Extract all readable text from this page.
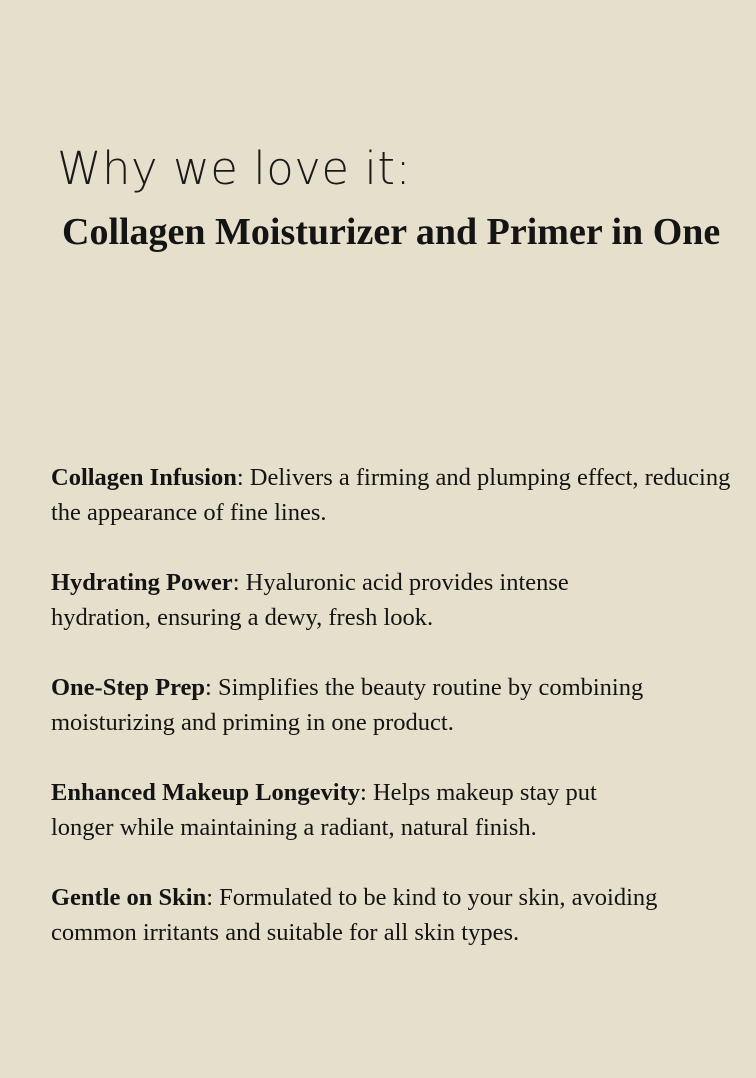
Why we love it:
Collagen Moisturizer and Primer in One
Collagen Infusion: Delivers a firming and plumping effect, reducing the appearance of fine lines.
Hydrating Power: Hyaluronic acid provides intense hydration, ensuring a dewy, fresh look.
One-Step Prep: Simplifies the beauty routine by combining moisturizing and priming in one product.
Enhanced Makeup Longevity: Helps makeup stay put longer while maintaining a radiant, natural finish.
Gentle on Skin: Formulated to be kind to your skin, avoiding common irritants and suitable for all skin types.
